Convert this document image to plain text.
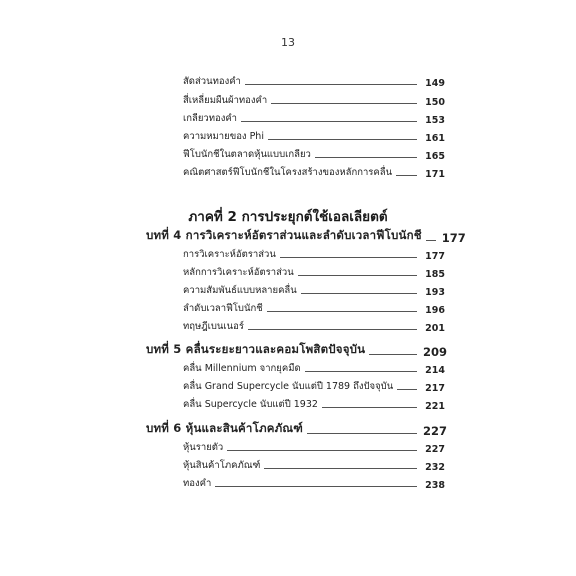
13
สัดส่วนทองคำ	149
สี่เหลี่ยมผืนผ้าทองคำ	150
เกลียวทองคำ	153
ความหมายของ Phi	161
ฟีโบนักชีในตลาดหุ้นแบบเกลียว	165
คณิตศาสตร์ฟีโบนักชีในโครงสร้างของหลักการคลื่น	171
ภาคที่ 2 การประยุกต์ใช้เอลเลียตต์
บทที่ 4 การวิเคราะห์อัตราส่วนและลำดับเวลาฟีโบนักชี	177
การวิเคราะห์อัตราส่วน	177
หลักการวิเคราะห์อัตราส่วน	185
ความสัมพันธ์แบบหลายคลื่น	193
ลำดับเวลาฟีโบนักชี	196
ทฤษฎีเบนเนอร์	201
บทที่ 5 คลื่นระยะยาวและคอมโพสิตปัจจุบัน	209
คลื่น Millennium จากยุคมืด	214
คลื่น Grand Supercycle นับแต่ปี 1789 ถึงปัจจุบัน	217
คลื่น Supercycle นับแต่ปี 1932	221
บทที่ 6 หุ้นและสินค้าโภคภัณฑ์	227
หุ้นรายตัว	227
หุ้นสินค้าโภคภัณฑ์	232
ทองคำ	238
